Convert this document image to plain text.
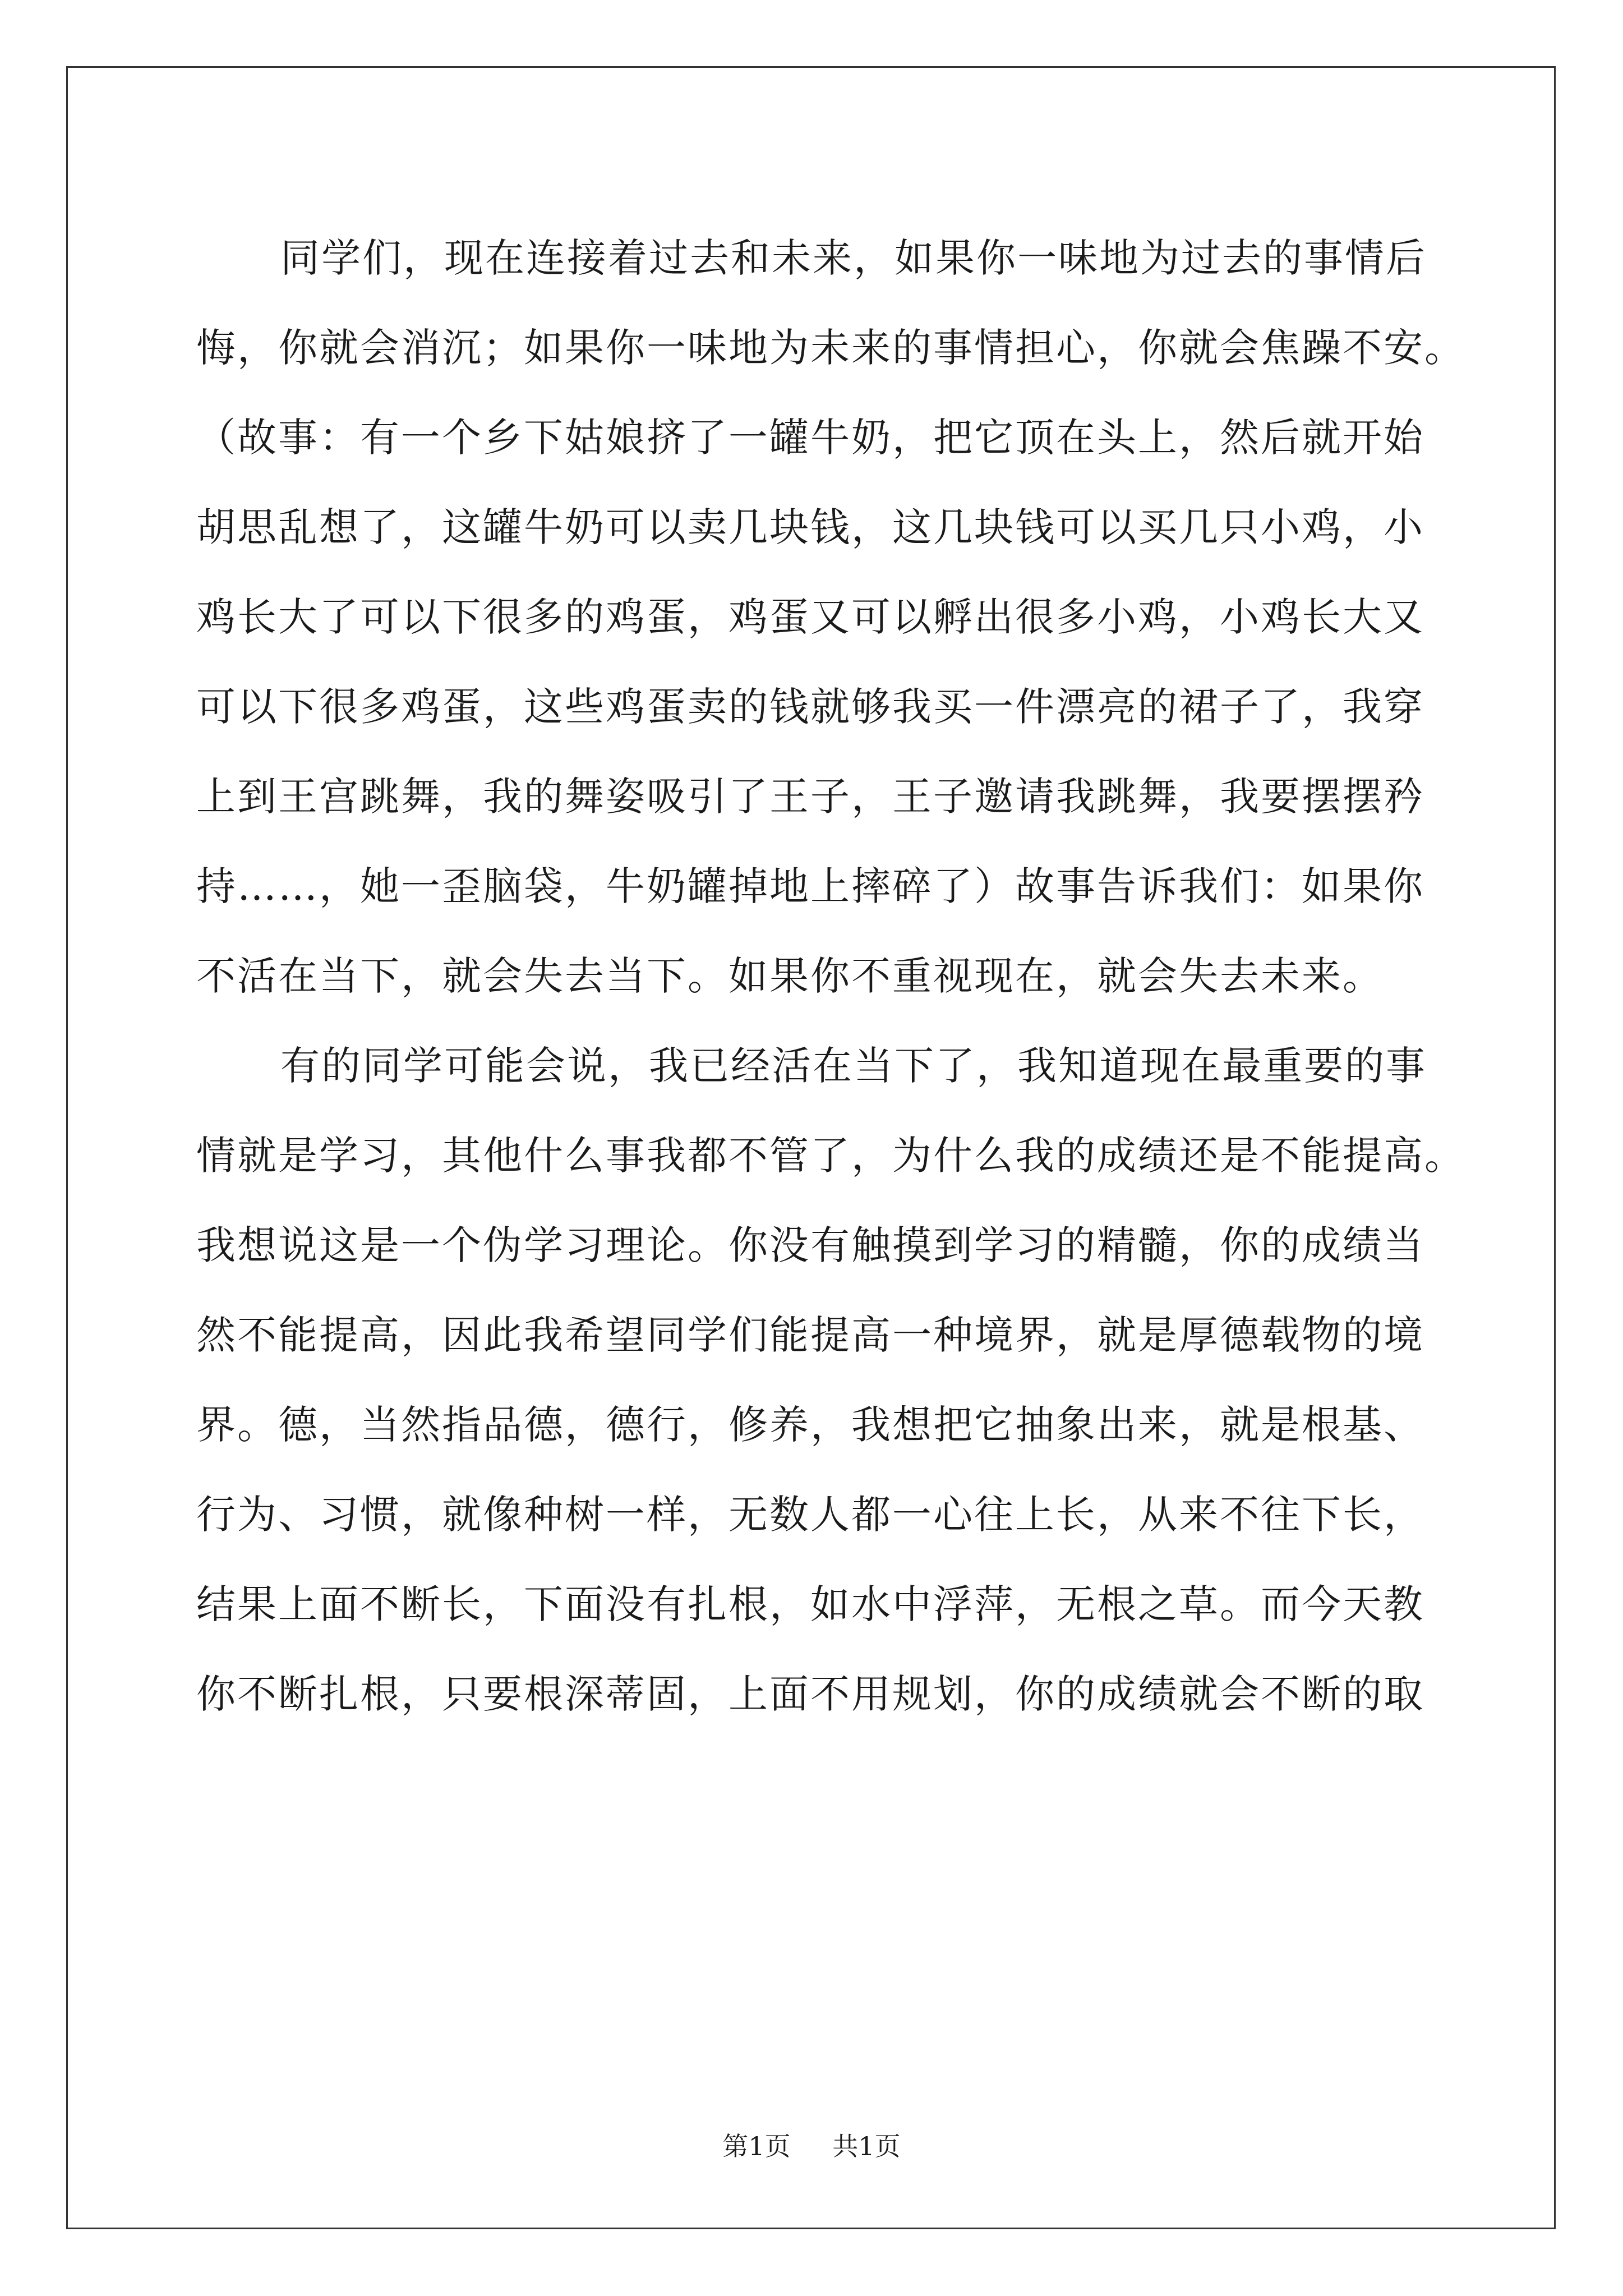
同学们，现在连接着过去和未来，如果你一味地为过去的事情后
悔，你就会消沉；如果你一味地为未来的事情担心，你就会焦躁不安。
（故事：有一个乡下姑娘挤了一罐牛奶，把它顶在头上，然后就开始
胡思乱想了，这罐牛奶可以卖几块钱，这几块钱可以买几只小鸡，小
鸡长大了可以下很多的鸡蛋，鸡蛋又可以孵出很多小鸡，小鸡长大又
可以下很多鸡蛋，这些鸡蛋卖的钱就够我买一件漂亮的裙子了，我穿
上到王宫跳舞，我的舞姿吸引了王子，王子邀请我跳舞，我要摆摆矜
持……，她一歪脑袋，牛奶罐掉地上摔碎了）故事告诉我们：如果你
不活在当下，就会失去当下。如果你不重视现在，就会失去未来。
有的同学可能会说，我已经活在当下了，我知道现在最重要的事
情就是学习，其他什么事我都不管了，为什么我的成绩还是不能提高。
我想说这是一个伪学习理论。你没有触摸到学习的精髓，你的成绩当
然不能提高，因此我希望同学们能提高一种境界，就是厚德载物的境
界。德，当然指品德，德行，修养，我想把它抽象出来，就是根基、
行为、习惯，就像种树一样，无数人都一心往上长，从来不往下长，
结果上面不断长，下面没有扎根，如水中浮萍，无根之草。而今天教
你不断扎根，只要根深蒂固，上面不用规划，你的成绩就会不断的取
第1页 共1页
